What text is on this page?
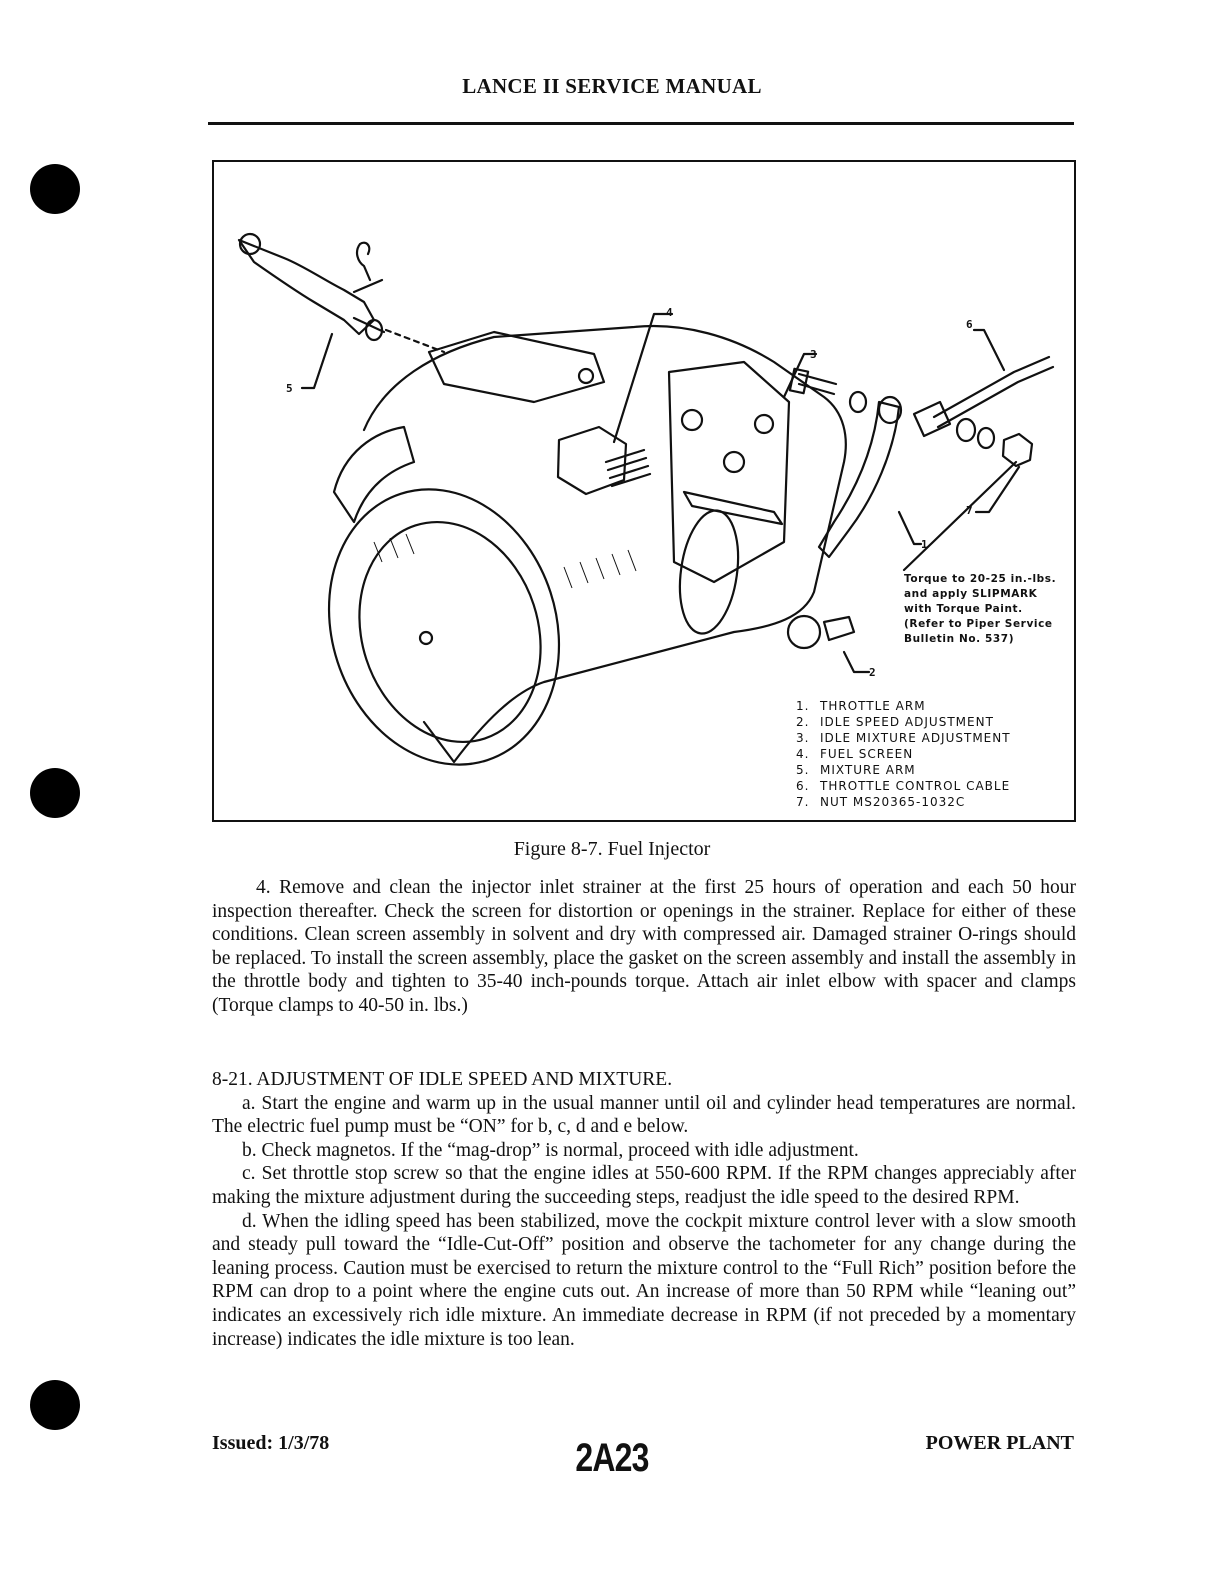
LANCE II SERVICE MANUAL
4
3
6
5
7
1
2
Torque to 20-25 in.-lbs.
and apply SLIPMARK
with Torque Paint.
(Refer to Piper Service
Bulletin No. 537)
1. THROTTLE ARM
2. IDLE SPEED ADJUSTMENT
3. IDLE MIXTURE ADJUSTMENT
4. FUEL SCREEN
5. MIXTURE ARM
6. THROTTLE CONTROL CABLE
7. NUT MS20365-1032C
Figure 8-7. Fuel Injector

4. Remove and clean the injector inlet strainer at the first 25 hours of operation and each 50 hour inspection thereafter. Check the screen for distortion or openings in the strainer. Replace for either of these conditions. Clean screen assembly in solvent and dry with compressed air. Damaged strainer O-rings should be replaced. To install the screen assembly, place the gasket on the screen assembly and install the assembly in the throttle body and tighten to 35-40 inch-pounds torque. Attach air inlet elbow with spacer and clamps (Torque clamps to 40-50 in. lbs.)

8-21. ADJUSTMENT OF IDLE SPEED AND MIXTURE.

a. Start the engine and warm up in the usual manner until oil and cylinder head temperatures are normal. The electric fuel pump must be “ON” for b, c, d and e below.

b. Check magnetos. If the “mag-drop” is normal, proceed with idle adjustment.

c. Set throttle stop screw so that the engine idles at 550-600 RPM. If the RPM changes appreciably after making the mixture adjustment during the succeeding steps, readjust the idle speed to the desired RPM.

d. When the idling speed has been stabilized, move the cockpit mixture control lever with a slow smooth and steady pull toward the “Idle-Cut-Off” position and observe the tachometer for any change during the leaning process. Caution must be exercised to return the mixture control to the “Full Rich” position before the RPM can drop to a point where the engine cuts out. An increase of more than 50 RPM while “leaning out” indicates an excessively rich idle mixture. An immediate decrease in RPM (if not preceded by a momentary increase) indicates the idle mixture is too lean.

Issued: 1/3/78	2A23	POWER PLANT
